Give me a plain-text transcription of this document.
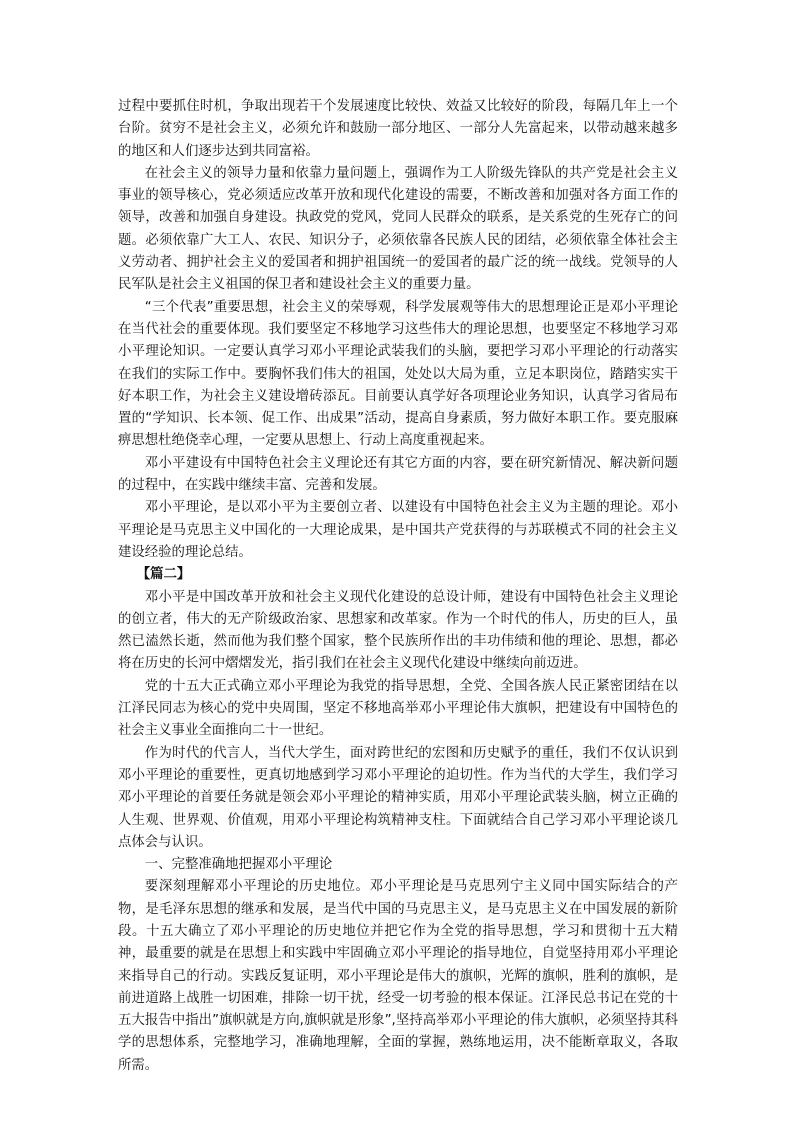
过程中要抓住时机，争取出现若干个发展速度比较快、效益又比较好的阶段，每隔几年上一个台阶。贫穷不是社会主义，必须允许和鼓励一部分地区、一部分人先富起来，以带动越来越多的地区和人们逐步达到共同富裕。

在社会主义的领导力量和依靠力量问题上，强调作为工人阶级先锋队的共产党是社会主义事业的领导核心，党必须适应改革开放和现代化建设的需要，不断改善和加强对各方面工作的领导，改善和加强自身建设。执政党的党风，党同人民群众的联系，是关系党的生死存亡的问题。必须依靠广大工人、农民、知识分子，必须依靠各民族人民的团结，必须依靠全体社会主义劳动者、拥护社会主义的爱国者和拥护祖国统一的爱国者的最广泛的统一战线。党领导的人民军队是社会主义祖国的保卫者和建设社会主义的重要力量。

“三个代表”重要思想，社会主义的荣辱观，科学发展观等伟大的思想理论正是邓小平理论在当代社会的重要体现。我们要坚定不移地学习这些伟大的理论思想，也要坚定不移地学习邓小平理论知识。一定要认真学习邓小平理论武装我们的头脑，要把学习邓小平理论的行动落实在我们的实际工作中。要胸怀我们伟大的祖国，处处以大局为重，立足本职岗位，踏踏实实干好本职工作，为社会主义建设增砖添瓦。目前要认真学好各项理论业务知识，认真学习省局布置的“学知识、长本领、促工作、出成果”活动，提高自身素质，努力做好本职工作。要克服麻痹思想杜绝侥幸心理，一定要从思想上、行动上高度重视起来。

邓小平建设有中国特色社会主义理论还有其它方面的内容，要在研究新情况、解决新问题的过程中，在实践中继续丰富、完善和发展。

邓小平理论，是以邓小平为主要创立者、以建设有中国特色社会主义为主题的理论。邓小平理论是马克思主义中国化的一大理论成果，是中国共产党获得的与苏联模式不同的社会主义建设经验的理论总结。

【篇二】

邓小平是中国改革开放和社会主义现代化建设的总设计师，建设有中国特色社会主义理论的创立者，伟大的无产阶级政治家、思想家和改革家。作为一个时代的伟人，历史的巨人，虽然已溘然长逝，然而他为我们整个国家，整个民族所作出的丰功伟绩和他的理论、思想，都必将在历史的长河中熠熠发光，指引我们在社会主义现代化建设中继续向前迈进。

党的十五大正式确立邓小平理论为我党的指导思想，全党、全国各族人民正紧密团结在以江泽民同志为核心的党中央周围，坚定不移地高举邓小平理论伟大旗帜，把建设有中国特色的社会主义事业全面推向二十一世纪。

作为时代的代言人，当代大学生，面对跨世纪的宏图和历史赋予的重任，我们不仅认识到邓小平理论的重要性，更真切地感到学习邓小平理论的迫切性。作为当代的大学生，我们学习邓小平理论的首要任务就是领会邓小平理论的精神实质，用邓小平理论武装头脑，树立正确的人生观、世界观、价值观，用邓小平理论构筑精神支柱。下面就结合自己学习邓小平理论谈几点体会与认识。

一、完整准确地把握邓小平理论

要深刻理解邓小平理论的历史地位。邓小平理论是马克思列宁主义同中国实际结合的产物，是毛泽东思想的继承和发展，是当代中国的马克思主义，是马克思主义在中国发展的新阶段。十五大确立了邓小平理论的历史地位并把它作为全党的指导思想，学习和贯彻十五大精神，最重要的就是在思想上和实践中牢固确立邓小平理论的指导地位，自觉坚持用邓小平理论来指导自己的行动。实践反复证明，邓小平理论是伟大的旗帜，光辉的旗帜，胜利的旗帜，是前进道路上战胜一切困难，排除一切干扰，经受一切考验的根本保证。江泽民总书记在党的十五大报告中指出”旗帜就是方向,旗帜就是形象”,坚持高举邓小平理论的伟大旗帜，必须坚持其科学的思想体系，完整地学习，准确地理解，全面的掌握，熟练地运用，决不能断章取义，各取所需。
